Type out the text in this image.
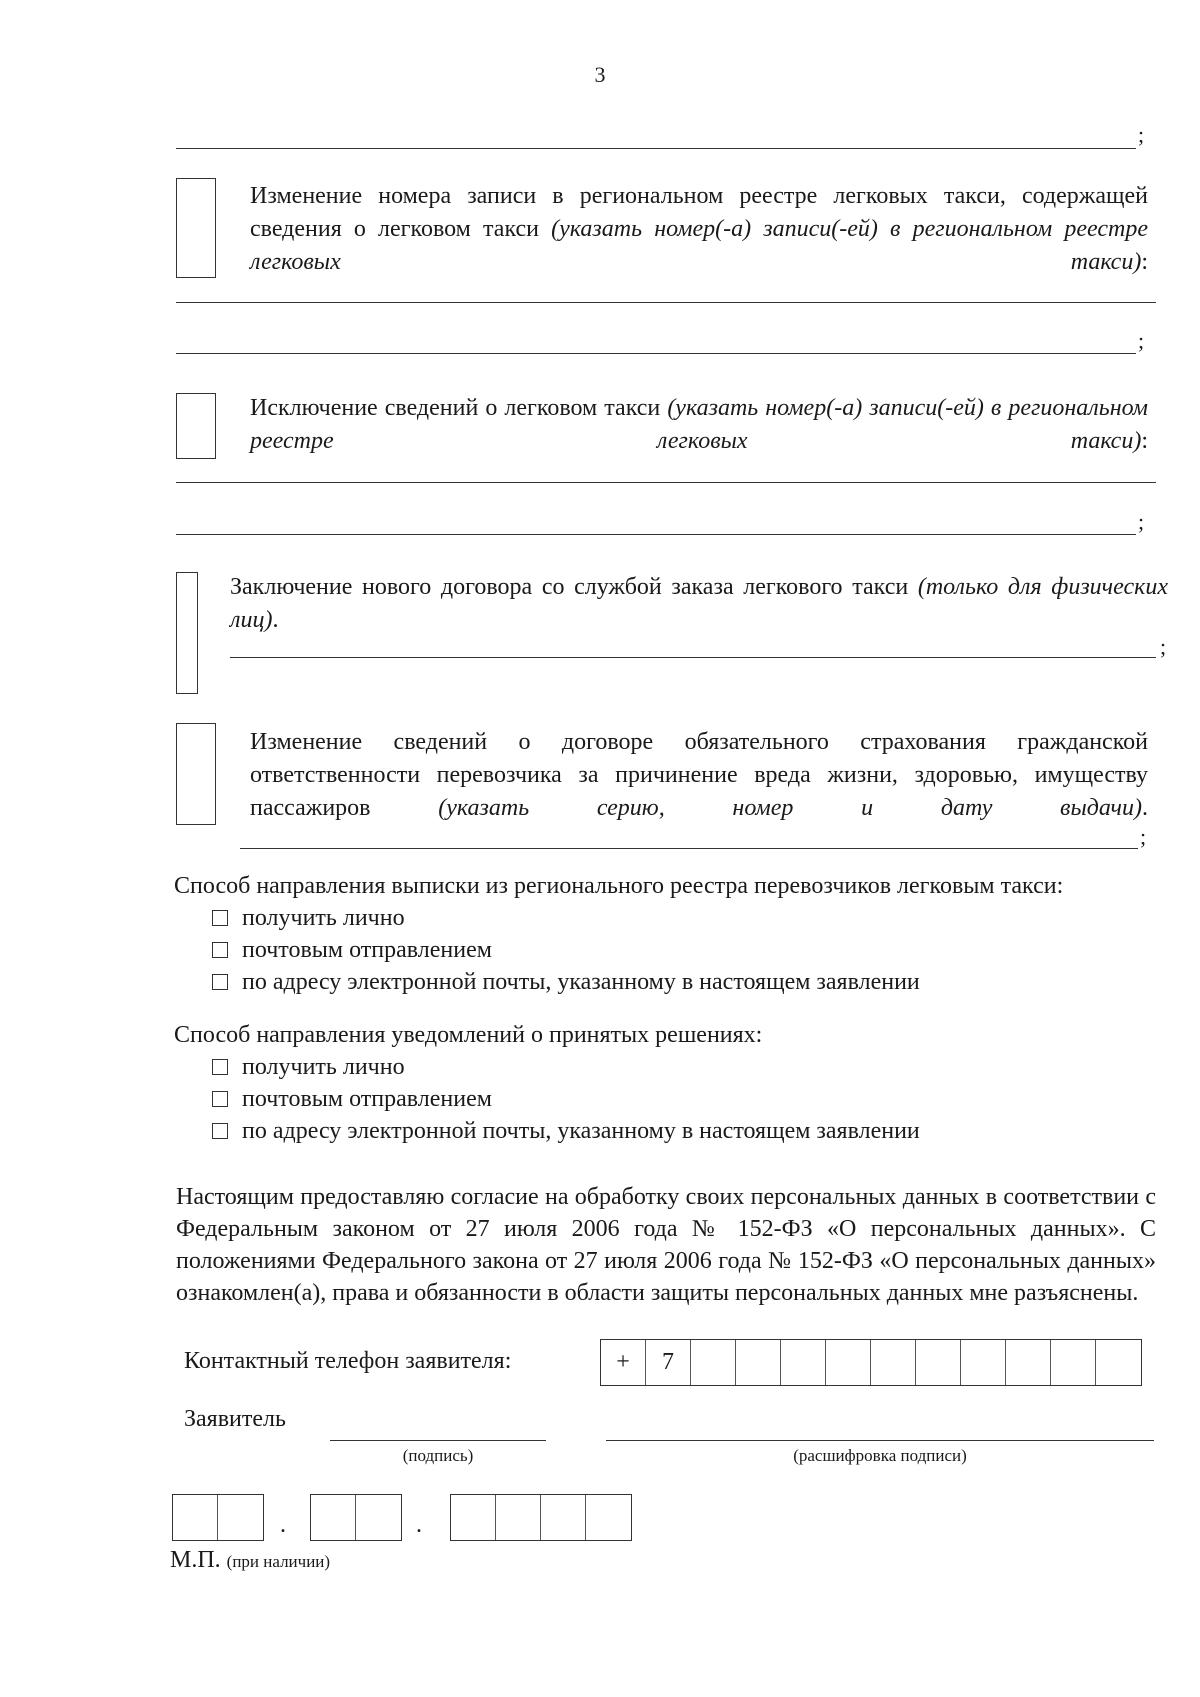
3
;
Изменение номера записи в региональном реестре легковых такси, содержащей сведения о легковом такси (указать номер(-а) записи(-ей) в региональном реестре легковых такси):
;
Исключение сведений о легковом такси (указать номер(-а) записи(-ей) в региональном реестре легковых такси):
;
Заключение нового договора со службой заказа легкового такси (только для физических лиц).
;
Изменение сведений о договоре обязательного страхования гражданской ответственности перевозчика за причинение вреда жизни, здоровью, имуществу пассажиров (указать серию, номер и дату выдачи).
;
Способ направления выписки из регионального реестра перевозчиков легковым такси:
получить лично
почтовым отправлением
по адресу электронной почты, указанному в настоящем заявлении
Способ направления уведомлений о принятых решениях:
получить лично
почтовым отправлением
по адресу электронной почты, указанному в настоящем заявлении

Настоящим предоставляю согласие на обработку своих персональных данных в соответствии с Федеральным законом от 27 июля 2006 года № 152-ФЗ «О персональных данных». С положениями Федерального закона от 27 июля 2006 года № 152-ФЗ «О персональных данных» ознакомлен(а), права и обязанности в области защиты персональных данных мне разъяснены.

Контактный телефон заявителя:	+	7
Заявитель
(подпись)	(расшифровка подписи)
.	.
М.П. (при наличии)
